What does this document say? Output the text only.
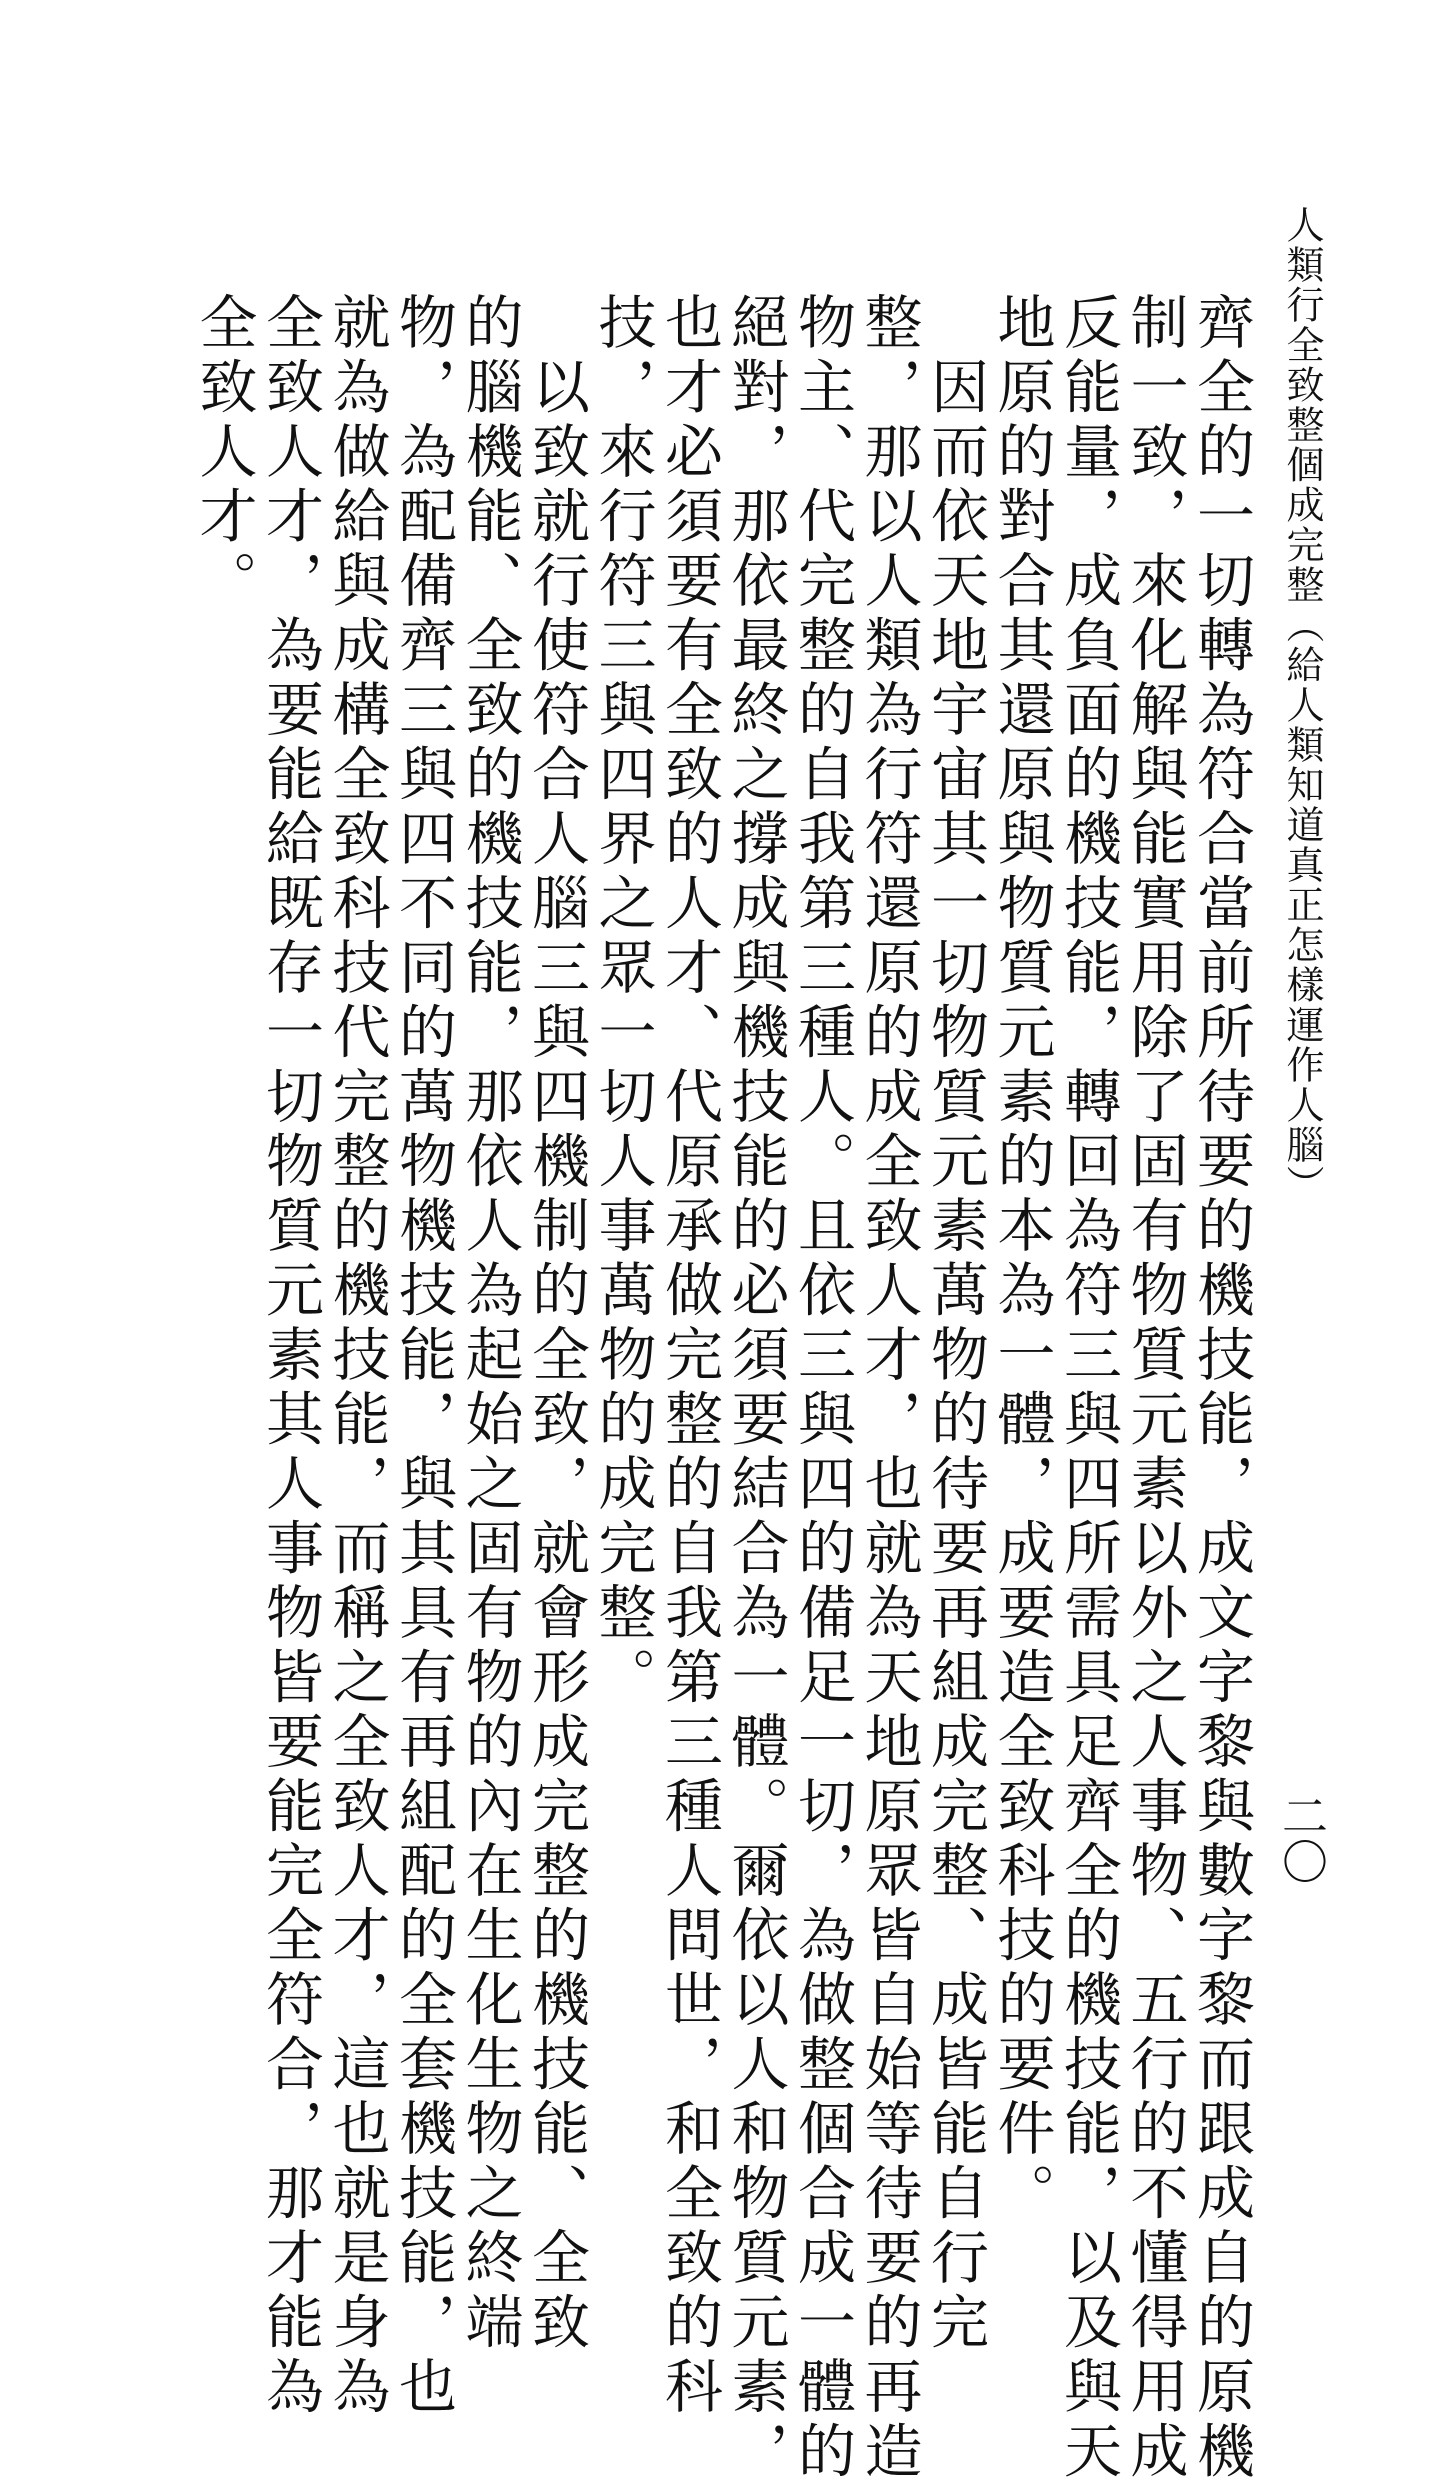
人類行全致整個成完整︵給人類知道真正怎樣運作人腦︶
二〇

齊全的一切轉為符合當前所待要的機技能，成文字黎與數字黎而跟成自的原機
制一致，來化解與能實用除了固有物質元素以外之人事物、五行的不懂得用成
反能量，成負面的機技能，轉回為符三與四所需具足齊全的機技能，以及與天
地原的對合其還原與物質元素的本為一體，成要造全致科技的要件。

　因而依天地宇宙其一切物質元素萬物的待要再組成完整、成皆能自行完
整，那以人類為行符還原的成全致人才，也就為天地原眾皆自始等待要的再造
物主、代完整的自我第三種人。且依三與四的備足一切，為做整個合成一體的
絕對，那依最終之撐成與機技能的必須要結合為一體。爾依以人和物質元素，
也才必須要有全致的人才、代原承做完整的自我第三種人問世，和全致的科
技，來行符三與四界之眾一切人事萬物的成完整。

　以致就行使符合人腦三與四機制的全致，就會形成完整的機技能、全致
的腦機能、全致的機技能，那依人為起始之固有物的內在生化生物之終端
物，為配備齊三與四不同的萬物機技能，與其具有再組配的全套機技能，也
就為做給與成構全致科技代完整的機技能，而稱之全致人才，這也就是身為
全致人才，為要能給既存一切物質元素其人事物皆要能完全符合，那才能為
全致人才。
